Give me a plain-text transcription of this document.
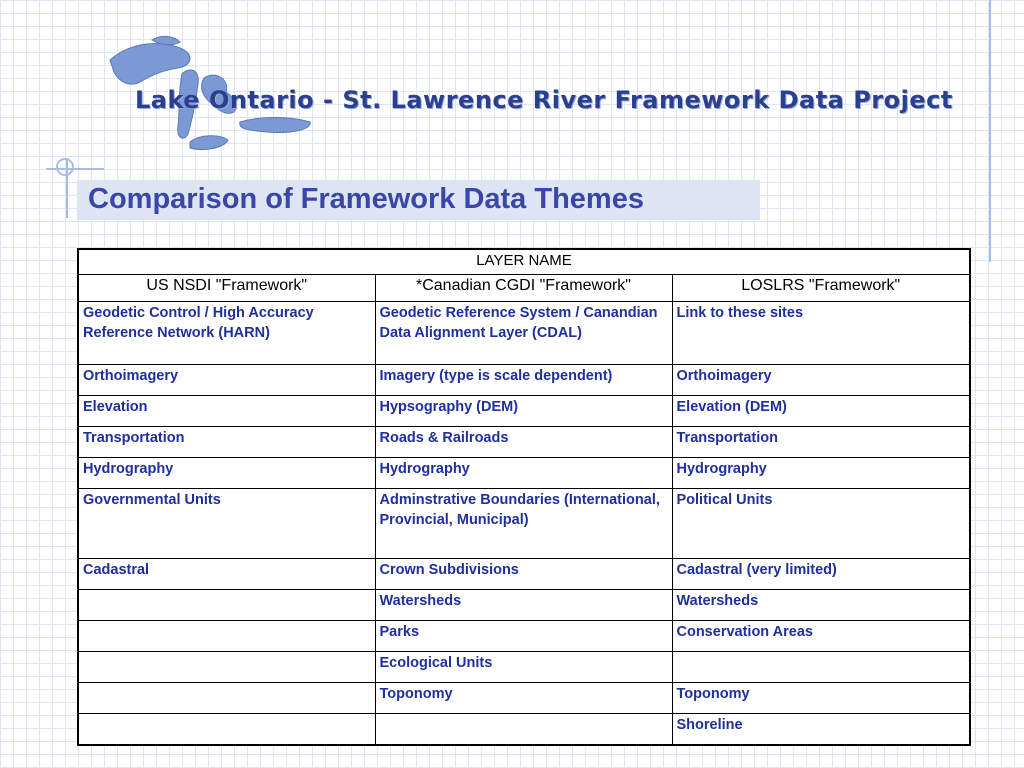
Lake Ontario - St. Lawrence River Framework Data Project
Comparison of Framework Data Themes
LAYER NAME		
US NSDI "Framework"	*Canadian CGDI "Framework"	LOSLRS "Framework"
Geodetic Control / High Accuracy Reference Network (HARN)	Geodetic Reference System / Canandian Data Alignment Layer (CDAL)	Link to these sites
Orthoimagery	Imagery (type is scale dependent)	Orthoimagery
Elevation	Hypsography (DEM)	Elevation (DEM)
Transportation	Roads & Railroads	Transportation
Hydrography	Hydrography	Hydrography
Governmental Units	Adminstrative Boundaries (International, Provincial, Municipal)	Political Units
Cadastral	Crown Subdivisions	Cadastral (very limited)
	Watersheds	Watersheds
	Parks	Conservation Areas
	Ecological Units	
	Toponomy	Toponomy
		Shoreline
